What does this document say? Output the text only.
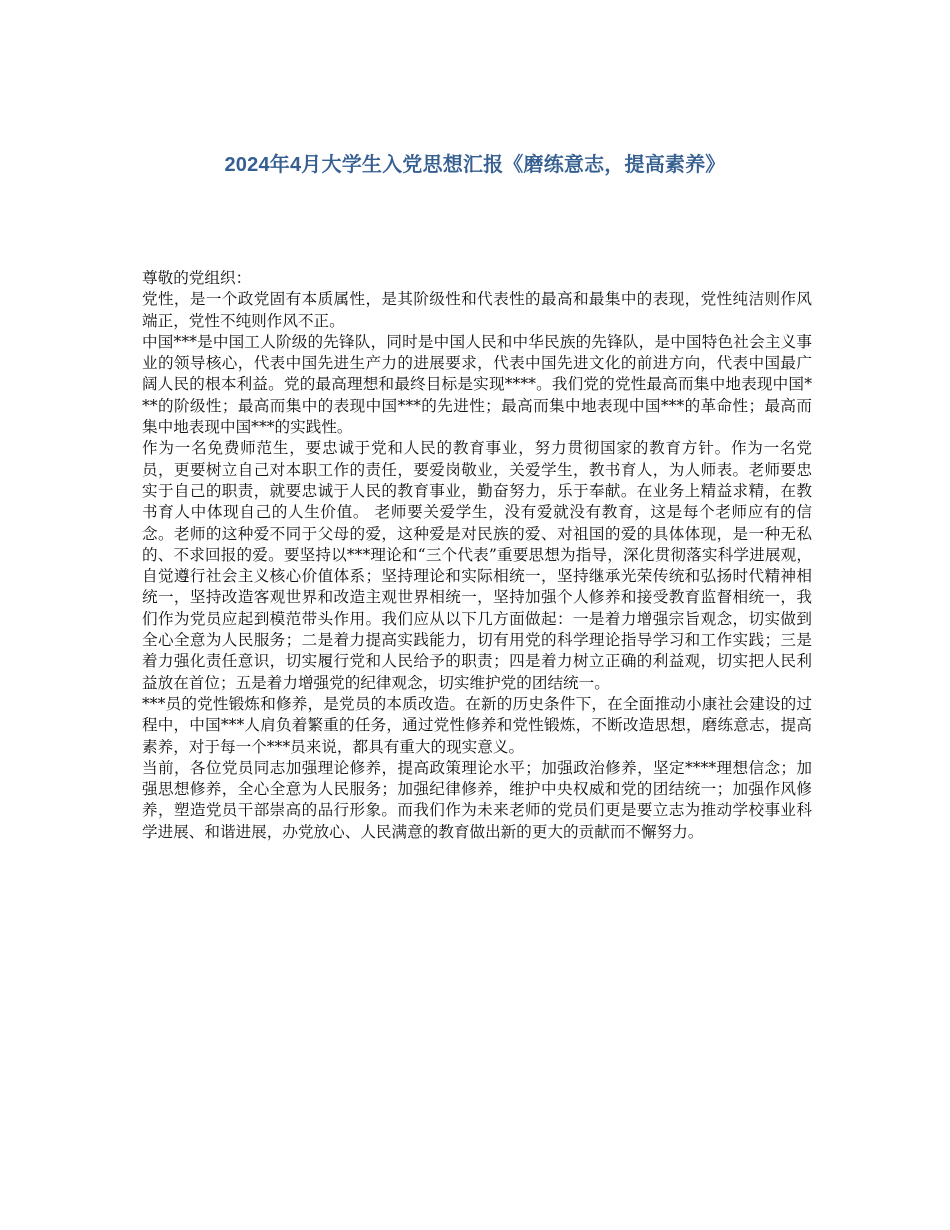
2024年4月大学生入党思想汇报《磨练意志，提高素养》

尊敬的党组织：

党性，是一个政党固有本质属性，是其阶级性和代表性的最高和最集中的表现，党性纯洁则作风端正，党性不纯则作风不正。

中国***是中国工人阶级的先锋队，同时是中国人民和中华民族的先锋队，是中国特色社会主义事业的领导核心，代表中国先进生产力的进展要求，代表中国先进文化的前进方向，代表中国最广阔人民的根本利益。党的最高理想和最终目标是实现****。我们党的党性最高而集中地表现中国***的阶级性；最高而集中的表现中国***的先进性；最高而集中地表现中国***的革命性；最高而集中地表现中国***的实践性。

作为一名免费师范生，要忠诚于党和人民的教育事业，努力贯彻国家的教育方针。作为一名党员，更要树立自己对本职工作的责任，要爱岗敬业，关爱学生，教书育人，为人师表。老师要忠实于自己的职责，就要忠诚于人民的教育事业，勤奋努力，乐于奉献。在业务上精益求精，在教书育人中体现自己的人生价值。 老师要关爱学生，没有爱就没有教育，这是每个老师应有的信念。老师的这种爱不同于父母的爱，这种爱是对民族的爱、对祖国的爱的具体体现，是一种无私的、不求回报的爱。要坚持以***理论和“三个代表”重要思想为指导，深化贯彻落实科学进展观，自觉遵行社会主义核心价值体系；坚持理论和实际相统一，坚持继承光荣传统和弘扬时代精神相统一，坚持改造客观世界和改造主观世界相统一，坚持加强个人修养和接受教育监督相统一，我们作为党员应起到模范带头作用。我们应从以下几方面做起：一是着力增强宗旨观念，切实做到全心全意为人民服务；二是着力提高实践能力，切有用党的科学理论指导学习和工作实践；三是着力强化责任意识，切实履行党和人民给予的职责；四是着力树立正确的利益观，切实把人民利益放在首位；五是着力增强党的纪律观念，切实维护党的团结统一。

***员的党性锻炼和修养，是党员的本质改造。在新的历史条件下，在全面推动小康社会建设的过程中，中国***人肩负着繁重的任务，通过党性修养和党性锻炼，不断改造思想，磨练意志，提高素养，对于每一个***员来说，都具有重大的现实意义。

当前，各位党员同志加强理论修养，提高政策理论水平；加强政治修养，坚定****理想信念；加强思想修养，全心全意为人民服务；加强纪律修养，维护中央权威和党的团结统一；加强作风修养，塑造党员干部崇高的品行形象。而我们作为未来老师的党员们更是要立志为推动学校事业科学进展、和谐进展，办党放心、人民满意的教育做出新的更大的贡献而不懈努力。
